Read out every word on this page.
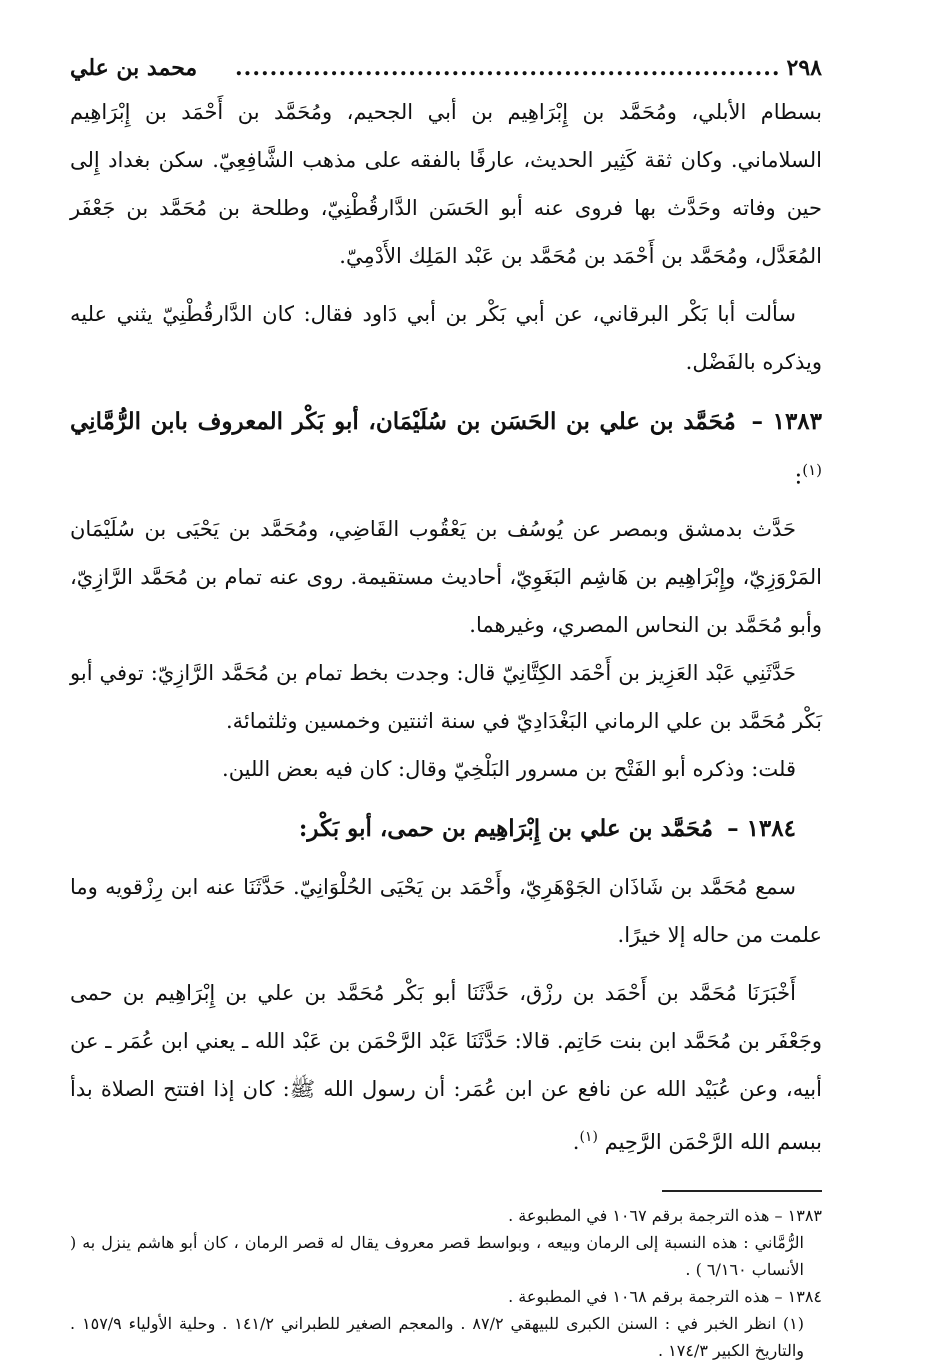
٢٩٨
...............................................................
محمد بن علي

بسطام الأبلي، ومُحَمَّد بن إِبْرَاهِيم بن أبي الجحيم، ومُحَمَّد بن أَحْمَد بن إِبْرَاهِيم السلاماني. وكان ثقة كَثِير الحديث، عارفًا بالفقه على مذهب الشَّافِعِيّ. سكن بغداد إِلى حين وفاته وحَدَّث بها فروى عنه أبو الحَسَن الدَّارقُطْنِيّ، وطلحة بن مُحَمَّد بن جَعْفَر المُعَدَّل، ومُحَمَّد بن أَحْمَد بن مُحَمَّد بن عَبْد المَلِك الأَدْمِيّ.

سألت أبا بَكْر البرقاني، عن أبي بَكْر بن أبي دَاود فقال: كان الدَّارقُطْنِيّ يثني عليه ويذكره بالفَضْل.

١٣٨٣ – مُحَمَّد بن علي بن الحَسَن بن سُلَيْمَان، أبو بَكْر المعروف بابن الرُّمَّانِي $^{(١)}$:

حَدَّث بدمشق وبمصر عن يُوسُف بن يَعْقُوب القَاضِي، ومُحَمَّد بن يَحْيَى بن سُلَيْمَان المَرْوَزِيّ، وإِبْرَاهِيم بن هَاشِم البَغَوِيّ، أحاديث مستقيمة. روى عنه تمام بن مُحَمَّد الرَّازِيّ، وأبو مُحَمَّد بن النحاس المصري، وغيرهما.

حَدَّثَنِي عَبْد العَزِيز بن أَحْمَد الكِتَّانِيّ قال: وجدت بخط تمام بن مُحَمَّد الرَّازِيّ: توفي أبو بَكْر مُحَمَّد بن علي الرماني البَغْدَادِيّ في سنة اثنتين وخمسين وثلثمائة.

قلت: وذكره أبو الفَتْح بن مسرور البَلْخِيّ وقال: كان فيه بعض اللين.

١٣٨٤ – مُحَمَّد بن علي بن إِبْرَاهِيم بن حمى، أبو بَكْر:

سمع مُحَمَّد بن شَاذَان الجَوْهَرِيّ، وأَحْمَد بن يَحْيَى الحُلْوَانِيّ. حَدَّثَنَا عنه ابن رِزْقويه وما علمت من حاله إلا خيرًا.

أَخْبَرَنَا مُحَمَّد بن أَحْمَد بن رزْق، حَدَّثَنَا أبو بَكْر مُحَمَّد بن علي بن إِبْرَاهِيم بن حمى وجَعْفَر بن مُحَمَّد ابن بنت حَاتِم. قالا: حَدَّثَنَا عَبْد الرَّحْمَن بن عَبْد الله ـ يعني ابن عُمَر ـ عن أبيه، وعن عُبَيْد الله عن نافع عن ابن عُمَر: أن رسول الله ﷺ: كان إذا افتتح الصلاة بدأ ببسم الله الرَّحْمَن الرَّحِيم $^{(١)}$.

١٣٨٣ – هذه الترجمة برقم ١٠٦٧ في المطبوعة .

الرُّمَّاني : هذه النسبة إلى الرمان وبيعه ، وبواسط قصر معروف يقال له قصر الرمان ، كان أبو هاشم ينزل به ( الأنساب ٦/١٦٠ ) .

١٣٨٤ – هذه الترجمة برقم ١٠٦٨ في المطبوعة .

(١) انظر الخبر في : السنن الكبرى للبيهقي ٨٧/٢ . والمعجم الصغير للطبراني ١٤١/٢ . وحلية الأولياء ١٥٧/٩ . والتاريخ الكبير ١٧٤/٣ .
